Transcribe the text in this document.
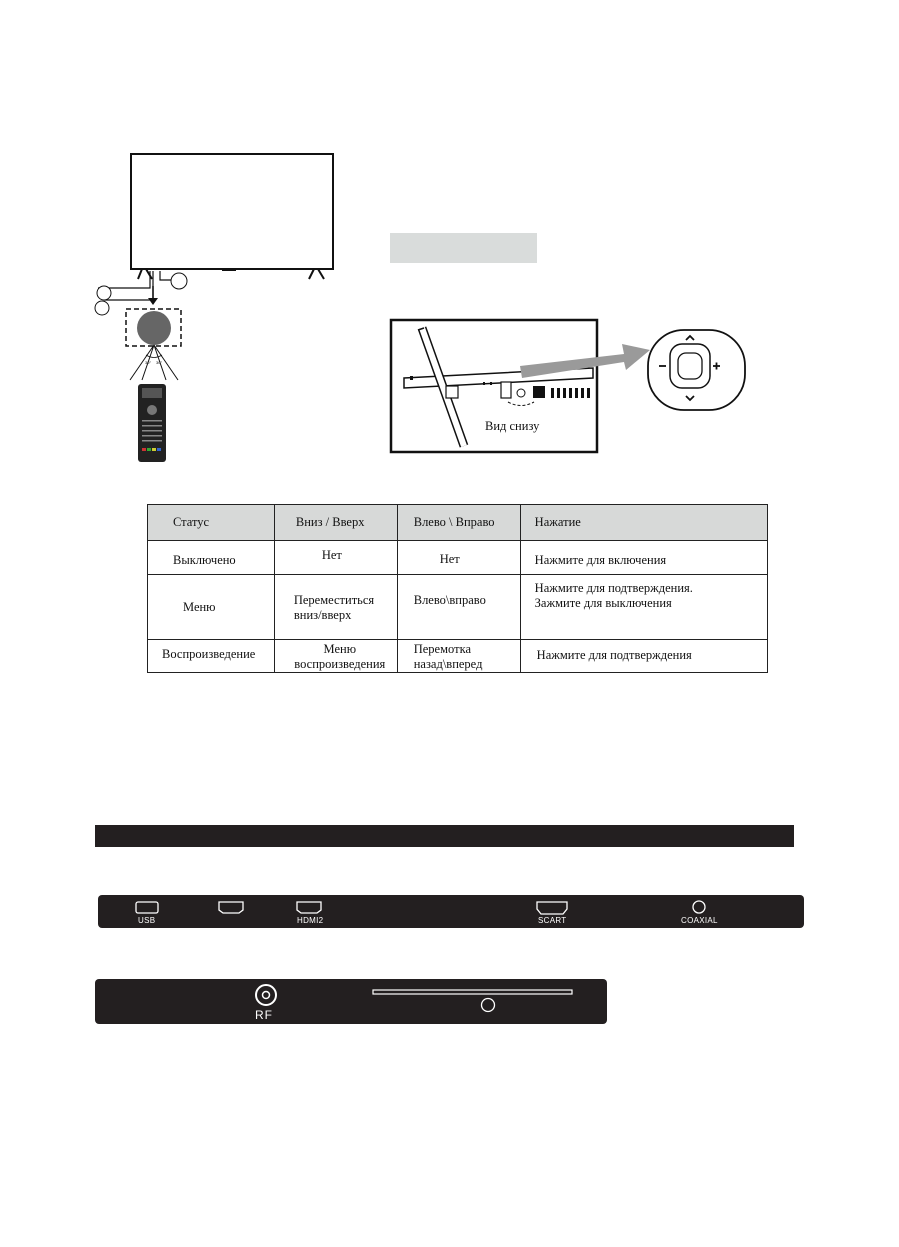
30° 30°
Вид снизу
Статус	Вниз / Вверх	Влево \ Вправо	Нажатие

Выключено	Нет	Нет	Нажмите для включения

Меню	Переместиться вниз/вверх	Влево\вправо	Нажмите для подтверждения. Зажмите для выключения

Воспроизведение	Меню воспроизведения	Перемотка назад\вперед	Нажмите для подтверждения
USB	HDMI2	SCART	COAXIAL
RF
